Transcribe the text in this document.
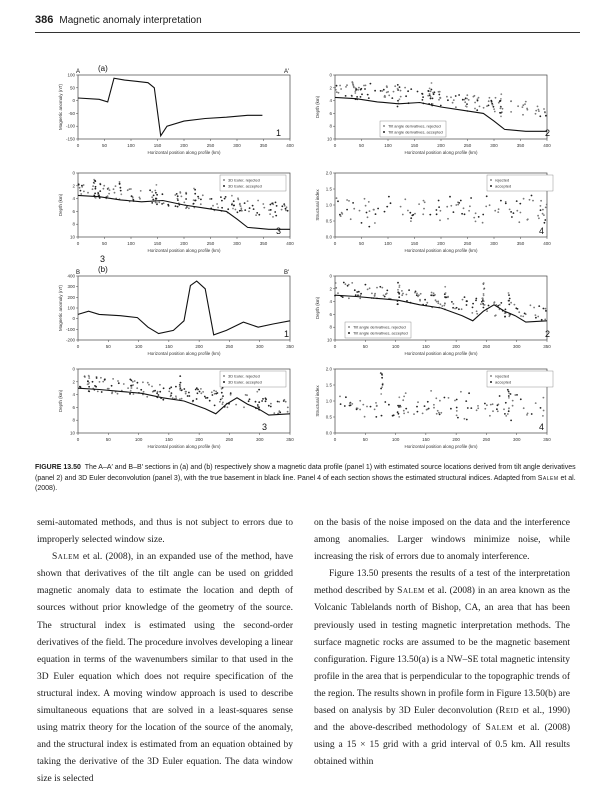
386 Magnetic anomaly interpretation
A	A'
(a)
0	50	100	150	200	250	300	350	400
Horizontal position along profile (km)
100
50
0
-50
-100
-150
Magnetic anomaly (nT)
1
0	50	100	150	200	250	300	350	400
Horizontal position along profile (km)
0
2
4
6
8
10
Depth (km)
Tilt angle derivatives, rejected
Tilt angle derivatives, accepted	2
0	50	100	150	200	250	300	350	400
Horizontal position along profile (km)
0
2
4
6
8
10
Depth (km)
3D Euler, rejected
3D Euler, accepted
3
0	50	100	150	200	250	300	350	400
Horizontal position along profile (km)
2.0
1.5
1.0
0.5
0.0
Structural index
rejected
accepted
4
3
B	B'
(b)
0	50	100	150	200	250	300	350
Horizontal position along profile (km)
400
300
200
100
0
-100
-200
Magnetic anomaly (nT)
1
0	50	100	150	200	250	300	350
Horizontal position along profile (km)
0
2
4
6
8
10
Depth (km)
Tilt angle derivatives, rejected
Tilt angle derivatives, accepted	2
0	50	100	150	200	250	300	350
Horizontal position along profile (km)
0
2
4
6
8
10
Depth (km)
3D Euler, rejected
3D Euler, accepted
3
0	50	100	150	200	250	300	350
Horizontal position along profile (km)
2.0
1.5
1.0
0.5
0.0
Structural index
rejected
accepted
4
FIGURE 13.50 The A–A′ and B–B′ sections in (a) and (b) respectively show a magnetic data profile (panel 1) with estimated source locations derived from tilt angle derivatives (panel 2) and 3D Euler deconvolution (panel 3), with the true basement in black line. Panel 4 of each section shows the estimated structural indices. Adapted from Salem et al. (2008).

semi-automated methods, and thus is not subject to errors due to improperly selected window size.

Salem et al. (2008), in an expanded use of the method, have shown that derivatives of the tilt angle can be used on gridded magnetic anomaly data to estimate the location and depth of sources without prior knowledge of the geometry of the source. The structural index is estimated using the second-order derivatives of the field. The procedure involves developing a linear equation in terms of the wavenumbers similar to that used in the 3D Euler equation which does not require specification of the structural index. A moving window approach is used to describe simultaneous equations that are solved in a least-squares sense using matrix theory for the location of the source of the anomaly, and the structural index is estimated from an equation obtained by taking the derivative of the 3D Euler equation. The data window size is selected

on the basis of the noise imposed on the data and the interference among anomalies. Larger windows minimize noise, while increasing the risk of errors due to anomaly interference.

Figure 13.50 presents the results of a test of the interpretation method described by Salem et al. (2008) in an area known as the Volcanic Tablelands north of Bishop, CA, an area that has been previously used in testing magnetic interpretation methods. The surface magnetic rocks are assumed to be the magnetic basement configuration. Figure 13.50(a) is a NW–SE total magnetic intensity profile in the area that is perpendicular to the topographic trends of the region. The results shown in profile form in Figure 13.50(b) are based on analysis by 3D Euler deconvolution (Reid et al., 1990) and the above-described methodology of Salem et al. (2008) using a 15 × 15 grid with a grid interval of 0.5 km. All results obtained within
